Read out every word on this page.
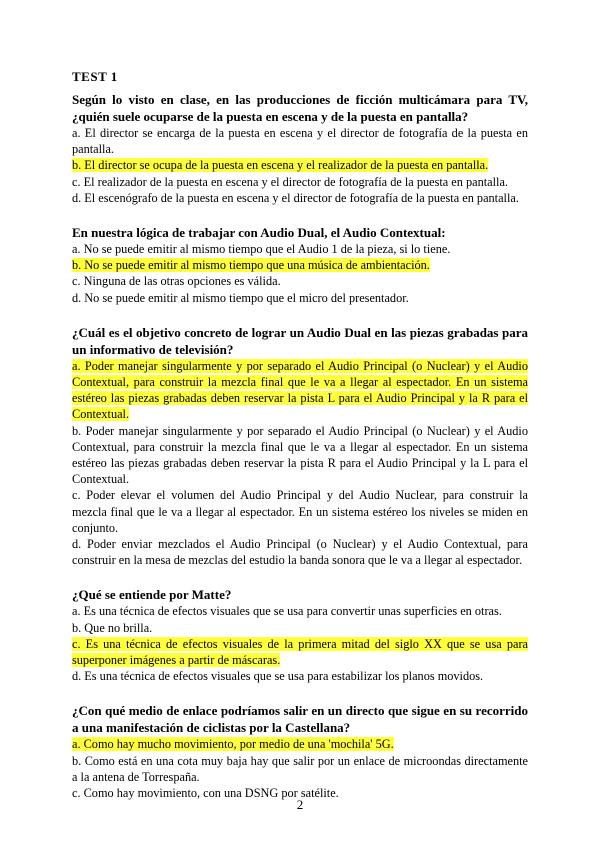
TEST 1

Según lo visto en clase, en las producciones de ficción multicámara para TV, ¿quién suele ocuparse de la puesta en escena y de la puesta en pantalla?

a. El director se encarga de la puesta en escena y el director de fotografía de la puesta en pantalla.

b. El director se ocupa de la puesta en escena y el realizador de la puesta en pantalla.

c. El realizador de la puesta en escena y el director de fotografía de la puesta en pantalla.

d. El escenógrafo de la puesta en escena y el director de fotografía de la puesta en pantalla.

En nuestra lógica de trabajar con Audio Dual, el Audio Contextual:

a. No se puede emitir al mismo tiempo que el Audio 1 de la pieza, si lo tiene.

b. No se puede emitir al mismo tiempo que una música de ambientación.

c. Ninguna de las otras opciones es válida.

d. No se puede emitir al mismo tiempo que el micro del presentador.

¿Cuál es el objetivo concreto de lograr un Audio Dual en las piezas grabadas para un informativo de televisión?

a. Poder manejar singularmente y por separado el Audio Principal (o Nuclear) y el Audio Contextual, para construir la mezcla final que le va a llegar al espectador. En un sistema estéreo las piezas grabadas deben reservar la pista L para el Audio Principal y la R para el Contextual.

b. Poder manejar singularmente y por separado el Audio Principal (o Nuclear) y el Audio Contextual, para construir la mezcla final que le va a llegar al espectador. En un sistema estéreo las piezas grabadas deben reservar la pista R para el Audio Principal y la L para el Contextual.

c. Poder elevar el volumen del Audio Principal y del Audio Nuclear, para construir la mezcla final que le va a llegar al espectador. En un sistema estéreo los niveles se miden en conjunto.

d. Poder enviar mezclados el Audio Principal (o Nuclear) y el Audio Contextual, para construir en la mesa de mezclas del estudio la banda sonora que le va a llegar al espectador.

¿Qué se entiende por Matte?

a. Es una técnica de efectos visuales que se usa para convertir unas superficies en otras.

b. Que no brilla.

c. Es una técnica de efectos visuales de la primera mitad del siglo XX que se usa para superponer imágenes a partir de máscaras.

d. Es una técnica de efectos visuales que se usa para estabilizar los planos movidos.

¿Con qué medio de enlace podríamos salir en un directo que sigue en su recorrido a una manifestación de ciclistas por la Castellana?

a. Como hay mucho movimiento, por medio de una 'mochila' 5G.

b. Como está en una cota muy baja hay que salir por un enlace de microondas directamente a la antena de Torrespaña.

c. Como hay movimiento, con una DSNG por satélite.

2
